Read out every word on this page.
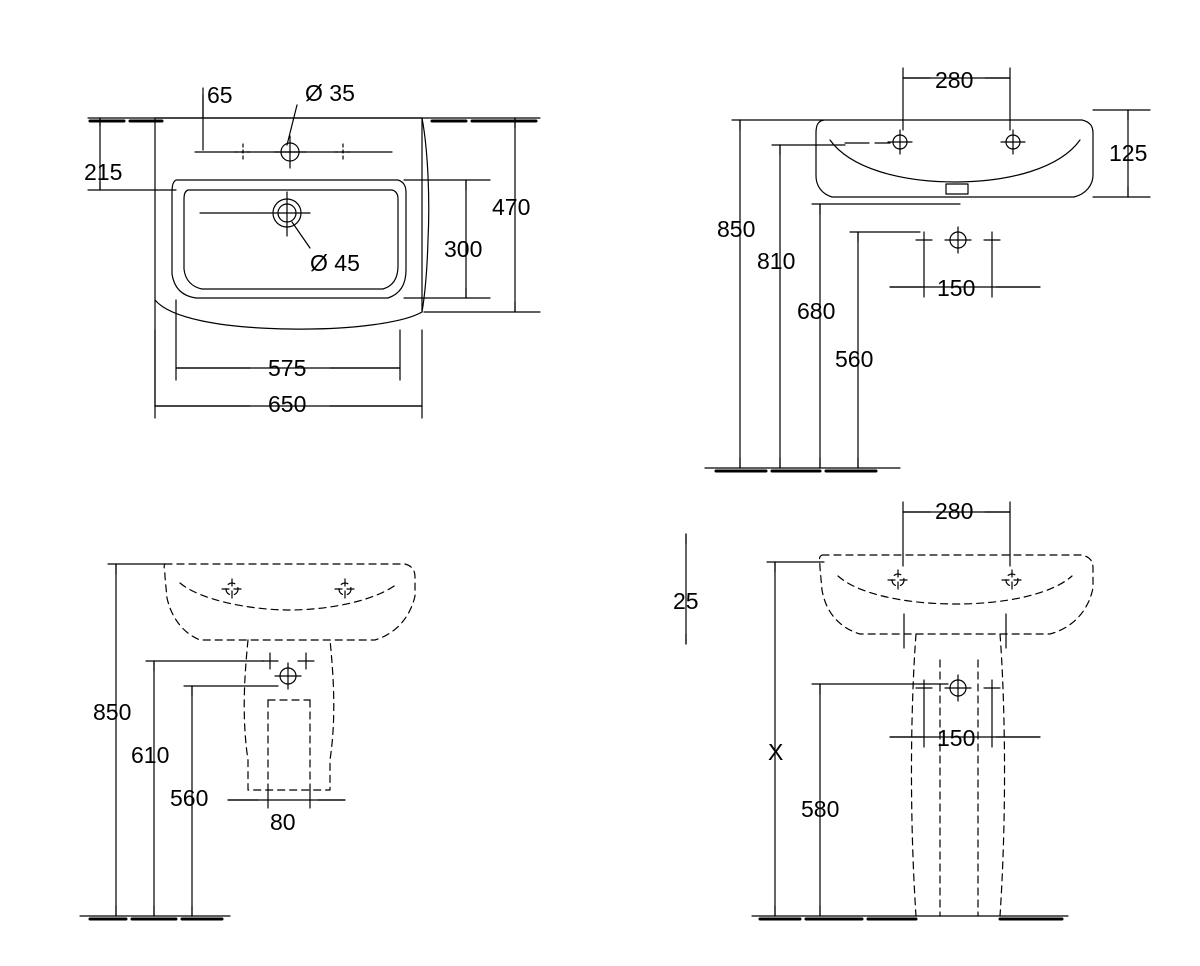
65	Ø 35
215
Ø 45
470
300
575
650
280
125
850
810
680
560
150
850
610
560
80
280
25
X
580
150
